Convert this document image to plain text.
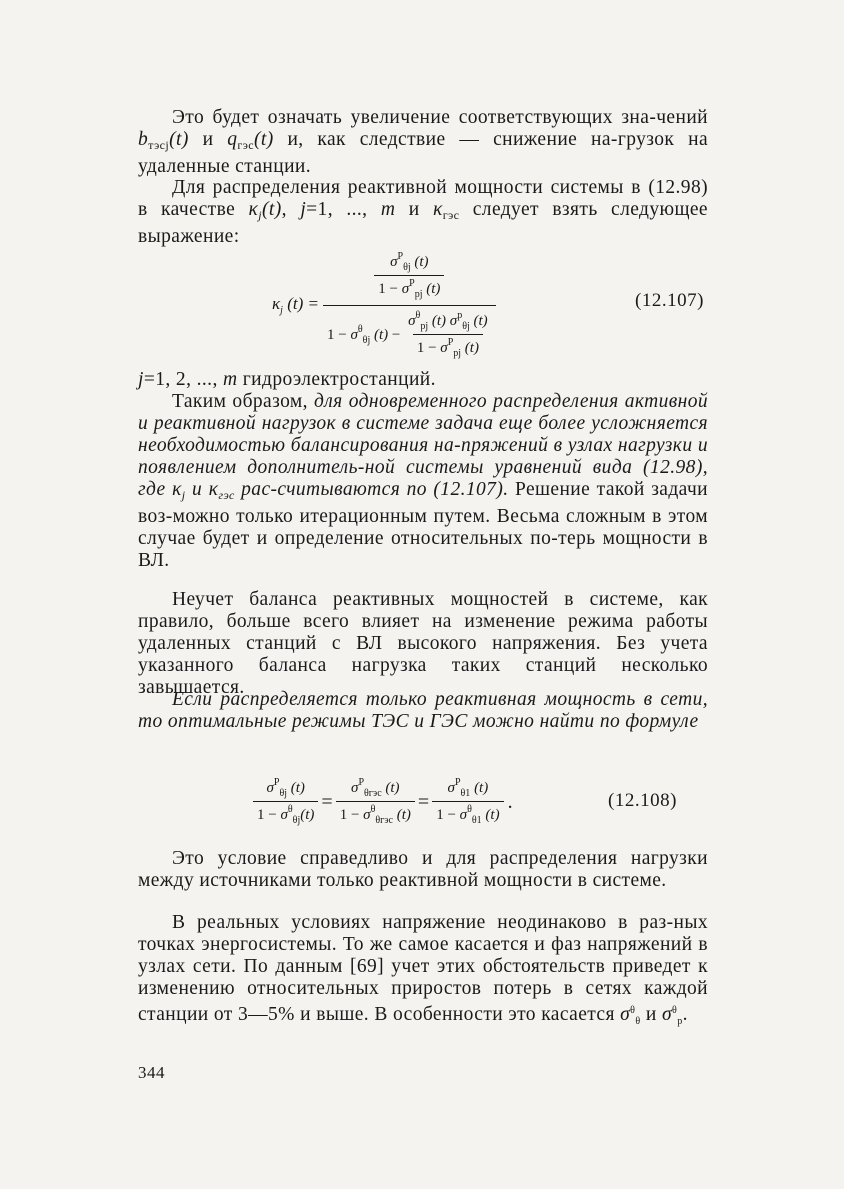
Это будет означать увеличение соответствующих зна-чений $b_{тэсj}(t)$ и $q_{гэс}(t)$ и, как следствие — снижение на-грузок на удаленные станции.

Для распределения реактивной мощности системы в (12.98) в качестве $\kappa_j(t)$, j=1, ..., m и $\kappa_{гэс}$ следует взять следующее выражение:

$\kappa_j$ (t) =
$\frac{\sigma^P_{\theta j} (t)}{1 - \sigma^P_{pj} (t)}$
$1 - \sigma^\theta_{\theta j}$ $(t) - \frac{\sigma^\theta_{pj} (t) \sigma^p_{\theta j} (t)}{1 - \sigma^P_{pj} (t)}$
(12.107)

j=1, 2, ..., m гидроэлектростанций.

Таким образом, для одновременного распределения активной и реактивной нагрузок в системе задача еще более усложняется необходимостью балансирования на-пряжений в узлах нагрузки и появлением дополнитель-ной системы уравнений вида (12.98), где $\kappa_j$ и $\kappa_{гэс}$ рас-считываются по (12.107). Решение такой задачи воз-можно только итерационным путем. Весьма сложным в этом случае будет и определение относительных по-терь мощности в ВЛ.

Неучет баланса реактивных мощностей в системе, как правило, больше всего влияет на изменение режима работы удаленных станций с ВЛ высокого напряжения. Без учета указанного баланса нагрузка таких станций несколько завышается.

Если распределяется только реактивная мощность в сети, то оптимальные режимы ТЭС и ГЭС можно найти по формуле

$\frac{\sigma^P_{\theta j} (t)}{1 - \sigma^\theta_{\theta j}(t)} = \frac{\sigma^P_{\theta гэс} (t)}{1 - \sigma^\theta_{\theta гэс} (t)} = \frac{\sigma^P_{\theta 1} (t)}{1 - \sigma^\theta_{\theta 1} (t)}$ .	(12.108)

Это условие справедливо и для распределения нагрузки между источниками только реактивной мощности в системе.

В реальных условиях напряжение неодинаково в раз-ных точках энергосистемы. То же самое касается и фаз напряжений в узлах сети. По данным [69] учет этих обстоятельств приведет к изменению относительных приростов потерь в сетях каждой станции от 3—5% и выше. В особенности это касается $\sigma^\theta_\theta$ и $\sigma^\theta_p$.

344
